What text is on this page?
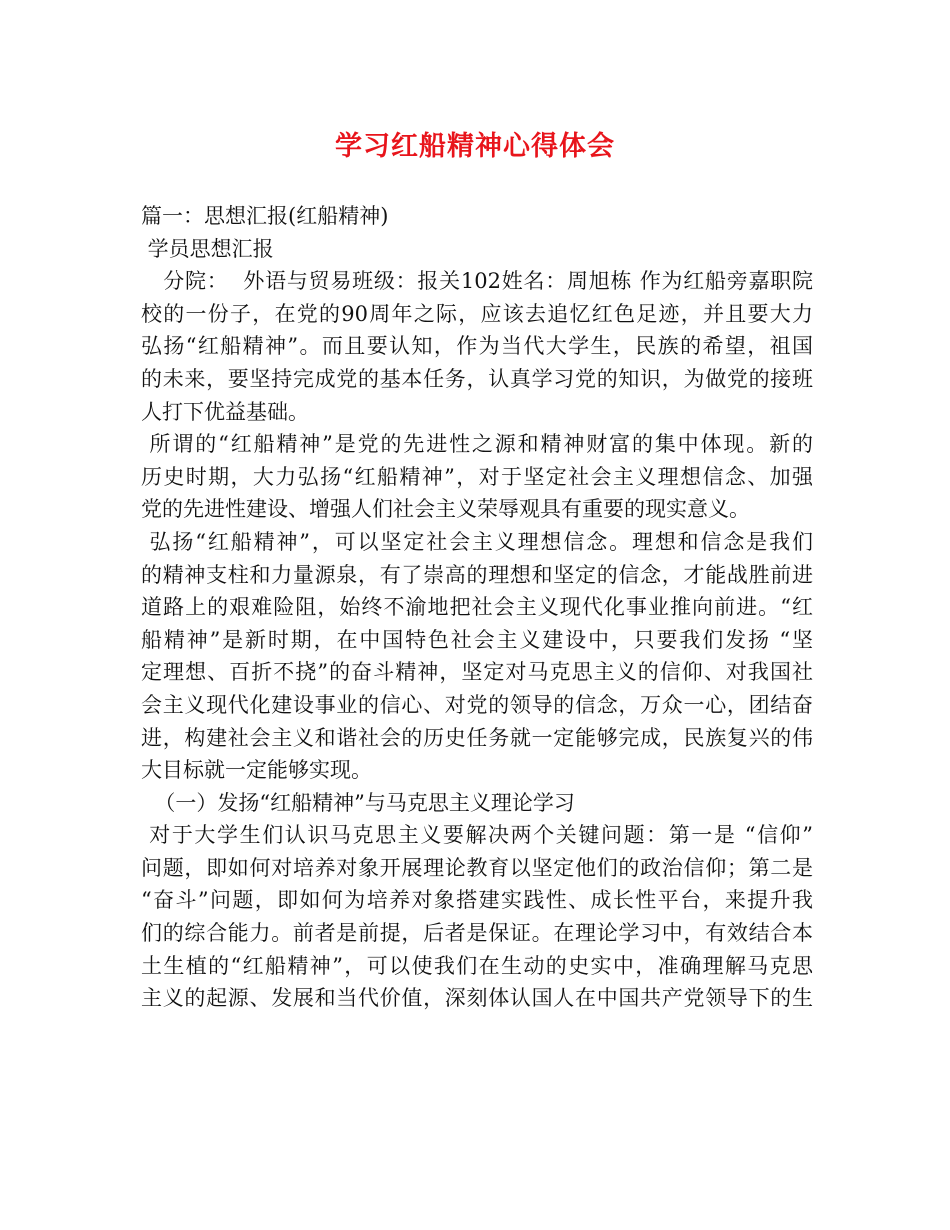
学习红船精神心得体会
篇一：思想汇报(红船精神)
学员思想汇报
分院：  外语与贸易班级：报关102姓名：周旭栋 作为红船旁嘉职院
校的一份子，在党的90周年之际，应该去追忆红色足迹，并且要大力
弘扬“红船精神”。而且要认知，作为当代大学生，民族的希望，祖国
的未来，要坚持完成党的基本任务，认真学习党的知识，为做党的接班
人打下优益基础。
所谓的“红船精神”是党的先进性之源和精神财富的集中体现。新的
历史时期，大力弘扬“红船精神”，对于坚定社会主义理想信念、加强
党的先进性建设、增强人们社会主义荣辱观具有重要的现实意义。
弘扬“红船精神”，可以坚定社会主义理想信念。理想和信念是我们
的精神支柱和力量源泉，有了崇高的理想和坚定的信念，才能战胜前进
道路上的艰难险阻，始终不渝地把社会主义现代化事业推向前进。“红
船精神”是新时期，在中国特色社会主义建设中，只要我们发扬 “坚
定理想、百折不挠”的奋斗精神，坚定对马克思主义的信仰、对我国社
会主义现代化建设事业的信心、对党的领导的信念，万众一心，团结奋
进，构建社会主义和谐社会的历史任务就一定能够完成，民族复兴的伟
大目标就一定能够实现。
（一）发扬“红船精神”与马克思主义理论学习
对于大学生们认识马克思主义要解决两个关键问题：第一是 “信仰”
问题，即如何对培养对象开展理论教育以坚定他们的政治信仰；第二是
“奋斗”问题，即如何为培养对象搭建实践性、成长性平台，来提升我
们的综合能力。前者是前提，后者是保证。在理论学习中，有效结合本
土生植的“红船精神”，可以使我们在生动的史实中，准确理解马克思
主义的起源、发展和当代价值，深刻体认国人在中国共产党领导下的生
